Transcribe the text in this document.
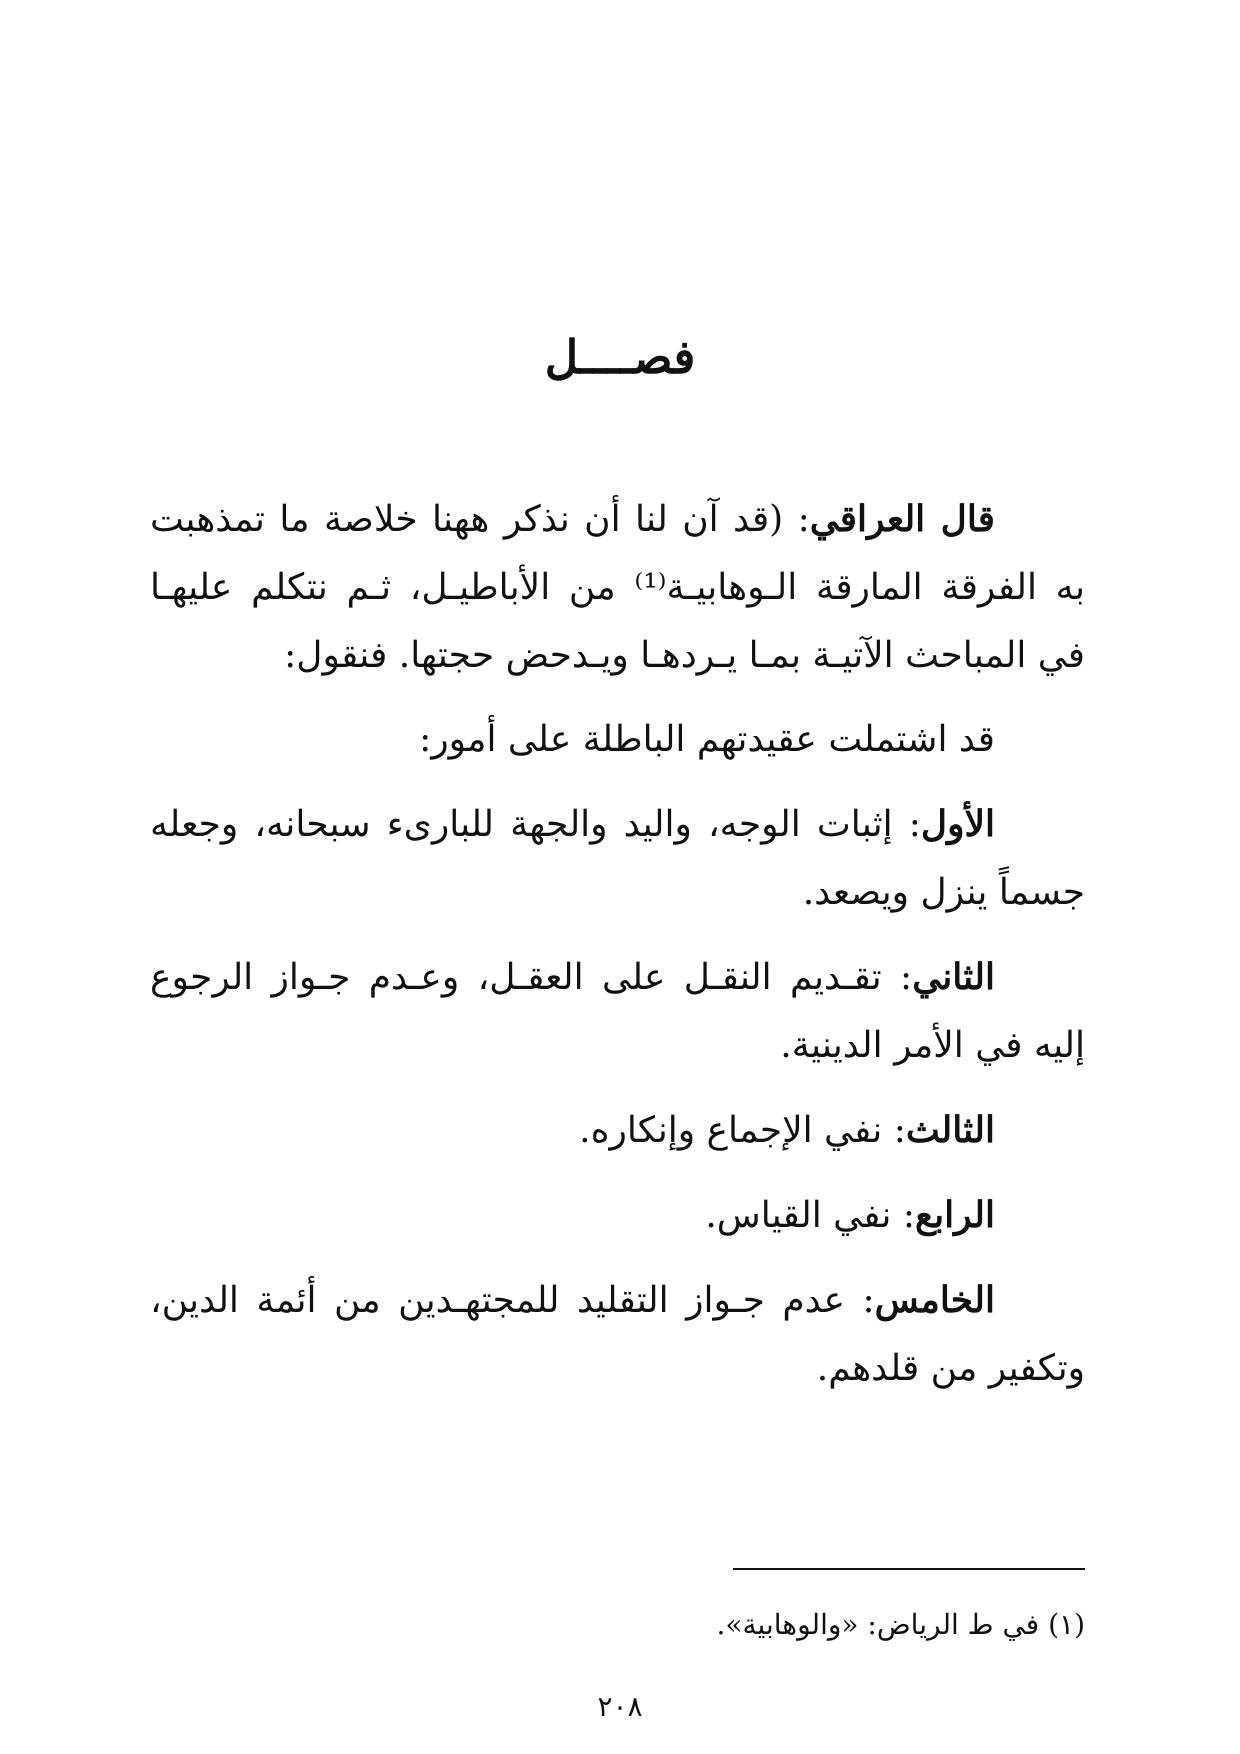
فصــــل

قال العراقي: (قد آن لنا أن نذكر ههنا خلاصة ما تمذهبت به الفرقة المارقة الـوهابيـة⁽¹⁾ من الأباطيـل، ثـم نتكلم عليهـا في المباحث الآتيـة بمـا يـردهـا ويـدحض حجتها. فنقول:

قد اشتملت عقيدتهم الباطلة على أمور:

الأول: إثبات الوجه، واليد والجهة للبارىء سبحانه، وجعله جسماً ينزل ويصعد.

الثاني: تقـديم النقـل على العقـل، وعـدم جـواز الرجوع إليه في الأمر الدينية.

الثالث: نفي الإجماع وإنكاره.

الرابع: نفي القياس.

الخامس: عدم جـواز التقليد للمجتهـدين من أئمة الدين، وتكفير من قلدهم.

(١) في ط الرياض: «والوهابية».
٢٠٨
